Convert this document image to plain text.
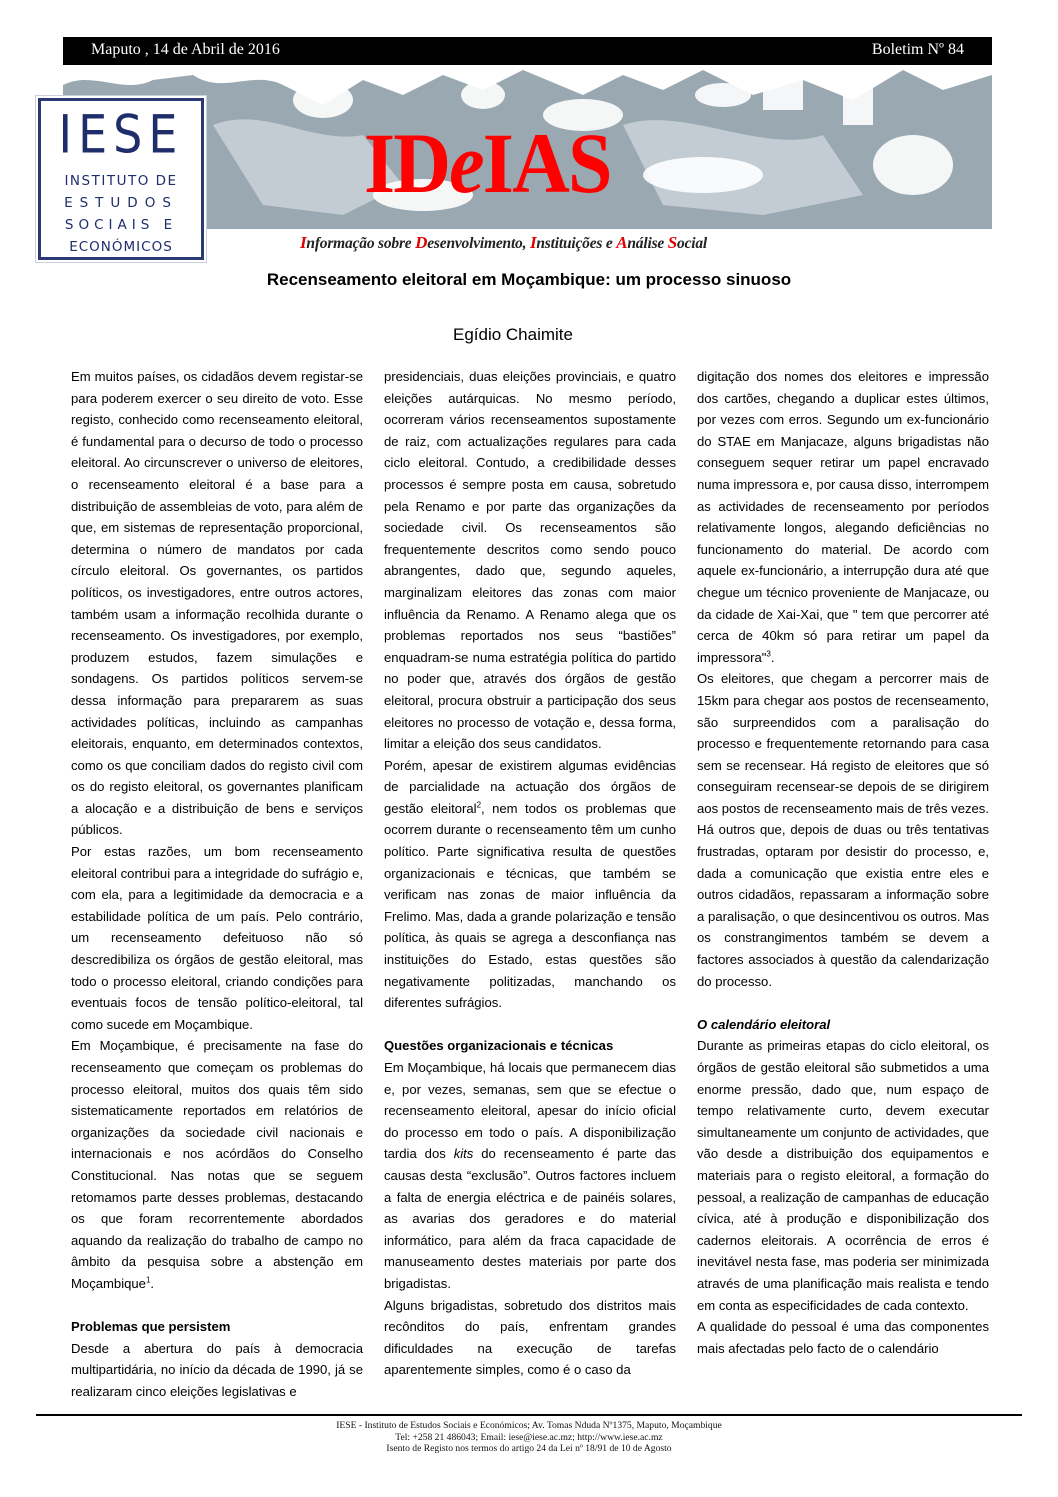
Maputo , 14 de Abril de 2016	Boletim Nº 84
IESE
INSTITUTO DE
ESTUDOS
SOCIAIS E
ECONÓMICOS
IDeIAS
Informação sobre Desenvolvimento, Instituições e Análise Social
Recenseamento eleitoral em Moçambique: um processo sinuoso
Egídio Chaimite

Em muitos países, os cidadãos devem registar-se para poderem exercer o seu direito de voto. Esse registo, conhecido como recenseamento eleitoral, é fundamental para o decurso de todo o processo eleitoral. Ao circunscrever o universo de eleitores, o recenseamento eleitoral é a base para a distribuição de assembleias de voto, para além de que, em sistemas de representação proporcional, determina o número de mandatos por cada círculo eleitoral. Os governantes, os partidos políticos, os investigadores, entre outros actores, também usam a informação recolhida durante o recenseamento. Os investigadores, por exemplo, produzem estudos, fazem simulações e sondagens. Os partidos políticos servem-se dessa informação para prepararem as suas actividades políticas, incluindo as campanhas eleitorais, enquanto, em determinados contextos, como os que conciliam dados do registo civil com os do registo eleitoral, os governantes planificam a alocação e a distribuição de bens e serviços públicos.

Por estas razões, um bom recenseamento eleitoral contribui para a integridade do sufrágio e, com ela, para a legitimidade da democracia e a estabilidade política de um país. Pelo contrário, um recenseamento defeituoso não só descredibiliza os órgãos de gestão eleitoral, mas todo o processo eleitoral, criando condições para eventuais focos de tensão político-eleitoral, tal como sucede em Moçambique.

Em Moçambique, é precisamente na fase do recenseamento que começam os problemas do processo eleitoral, muitos dos quais têm sido sistematicamente reportados em relatórios de organizações da sociedade civil nacionais e internacionais e nos acórdãos do Conselho Constitucional. Nas notas que se seguem retomamos parte desses problemas, destacando os que foram recorrentemente abordados aquando da realização do trabalho de campo no âmbito da pesquisa sobre a abstenção em Moçambique$^1$.

Problemas que persistem

Desde a abertura do país à democracia multipartidária, no início da década de 1990, já se realizaram cinco eleições legislativas e

presidenciais, duas eleições provinciais, e quatro eleições autárquicas. No mesmo período, ocorreram vários recenseamentos supostamente de raiz, com actualizações regulares para cada ciclo eleitoral. Contudo, a credibilidade desses processos é sempre posta em causa, sobretudo pela Renamo e por parte das organizações da sociedade civil. Os recenseamentos são frequentemente descritos como sendo pouco abrangentes, dado que, segundo aqueles, marginalizam eleitores das zonas com maior influência da Renamo. A Renamo alega que os problemas reportados nos seus “bastiões” enquadram-se numa estratégia política do partido no poder que, através dos órgãos de gestão eleitoral, procura obstruir a participação dos seus eleitores no processo de votação e, dessa forma, limitar a eleição dos seus candidatos.

Porém, apesar de existirem algumas evidências de parcialidade na actuação dos órgãos de gestão eleitoral$^2$, nem todos os problemas que ocorrem durante o recenseamento têm um cunho político. Parte significativa resulta de questões organizacionais e técnicas, que também se verificam nas zonas de maior influência da Frelimo. Mas, dada a grande polarização e tensão política, às quais se agrega a desconfiança nas instituições do Estado, estas questões são negativamente politizadas, manchando os diferentes sufrágios.

Questões organizacionais e técnicas

Em Moçambique, há locais que permanecem dias e, por vezes, semanas, sem que se efectue o recenseamento eleitoral, apesar do início oficial do processo em todo o país. A disponibilização tardia dos kits do recenseamento é parte das causas desta “exclusão”. Outros factores incluem a falta de energia eléctrica e de painéis solares, as avarias dos geradores e do material informático, para além da fraca capacidade de manuseamento destes materiais por parte dos brigadistas.

Alguns brigadistas, sobretudo dos distritos mais recônditos do país, enfrentam grandes dificuldades na execução de tarefas aparentemente simples, como é o caso da

digitação dos nomes dos eleitores e impressão dos cartões, chegando a duplicar estes últimos, por vezes com erros. Segundo um ex-funcionário do STAE em Manjacaze, alguns brigadistas não conseguem sequer retirar um papel encravado numa impressora e, por causa disso, interrompem as actividades de recenseamento por períodos relativamente longos, alegando deficiências no funcionamento do material. De acordo com aquele ex-funcionário, a interrupção dura até que chegue um técnico proveniente de Manjacaze, ou da cidade de Xai-Xai, que " tem que percorrer até cerca de 40km só para retirar um papel da impressora"$^3$.

Os eleitores, que chegam a percorrer mais de 15km para chegar aos postos de recenseamento, são surpreendidos com a paralisação do processo e frequentemente retornando para casa sem se recensear. Há registo de eleitores que só conseguiram recensear-se depois de se dirigirem aos postos de recenseamento mais de três vezes. Há outros que, depois de duas ou três tentativas frustradas, optaram por desistir do processo, e, dada a comunicação que existia entre eles e outros cidadãos, repassaram a informação sobre a paralisação, o que desincentivou os outros. Mas os constrangimentos também se devem a factores associados à questão da calendarização do processo.

O calendário eleitoral

Durante as primeiras etapas do ciclo eleitoral, os órgãos de gestão eleitoral são submetidos a uma enorme pressão, dado que, num espaço de tempo relativamente curto, devem executar simultaneamente um conjunto de actividades, que vão desde a distribuição dos equipamentos e materiais para o registo eleitoral, a formação do pessoal, a realização de campanhas de educação cívica, até à produção e disponibilização dos cadernos eleitorais. A ocorrência de erros é inevitável nesta fase, mas poderia ser minimizada através de uma planificação mais realista e tendo em conta as especificidades de cada contexto.

A qualidade do pessoal é uma das componentes mais afectadas pelo facto de o calendário

IESE - Instituto de Estudos Sociais e Económicos; Av. Tomas Nduda Nº1375, Maputo, Moçambique
Tel: +258 21 486043; Email: iese@iese.ac.mz; http://www.iese.ac.mz
Isento de Registo nos termos do artigo 24 da Lei nº 18/91 de 10 de Agosto
